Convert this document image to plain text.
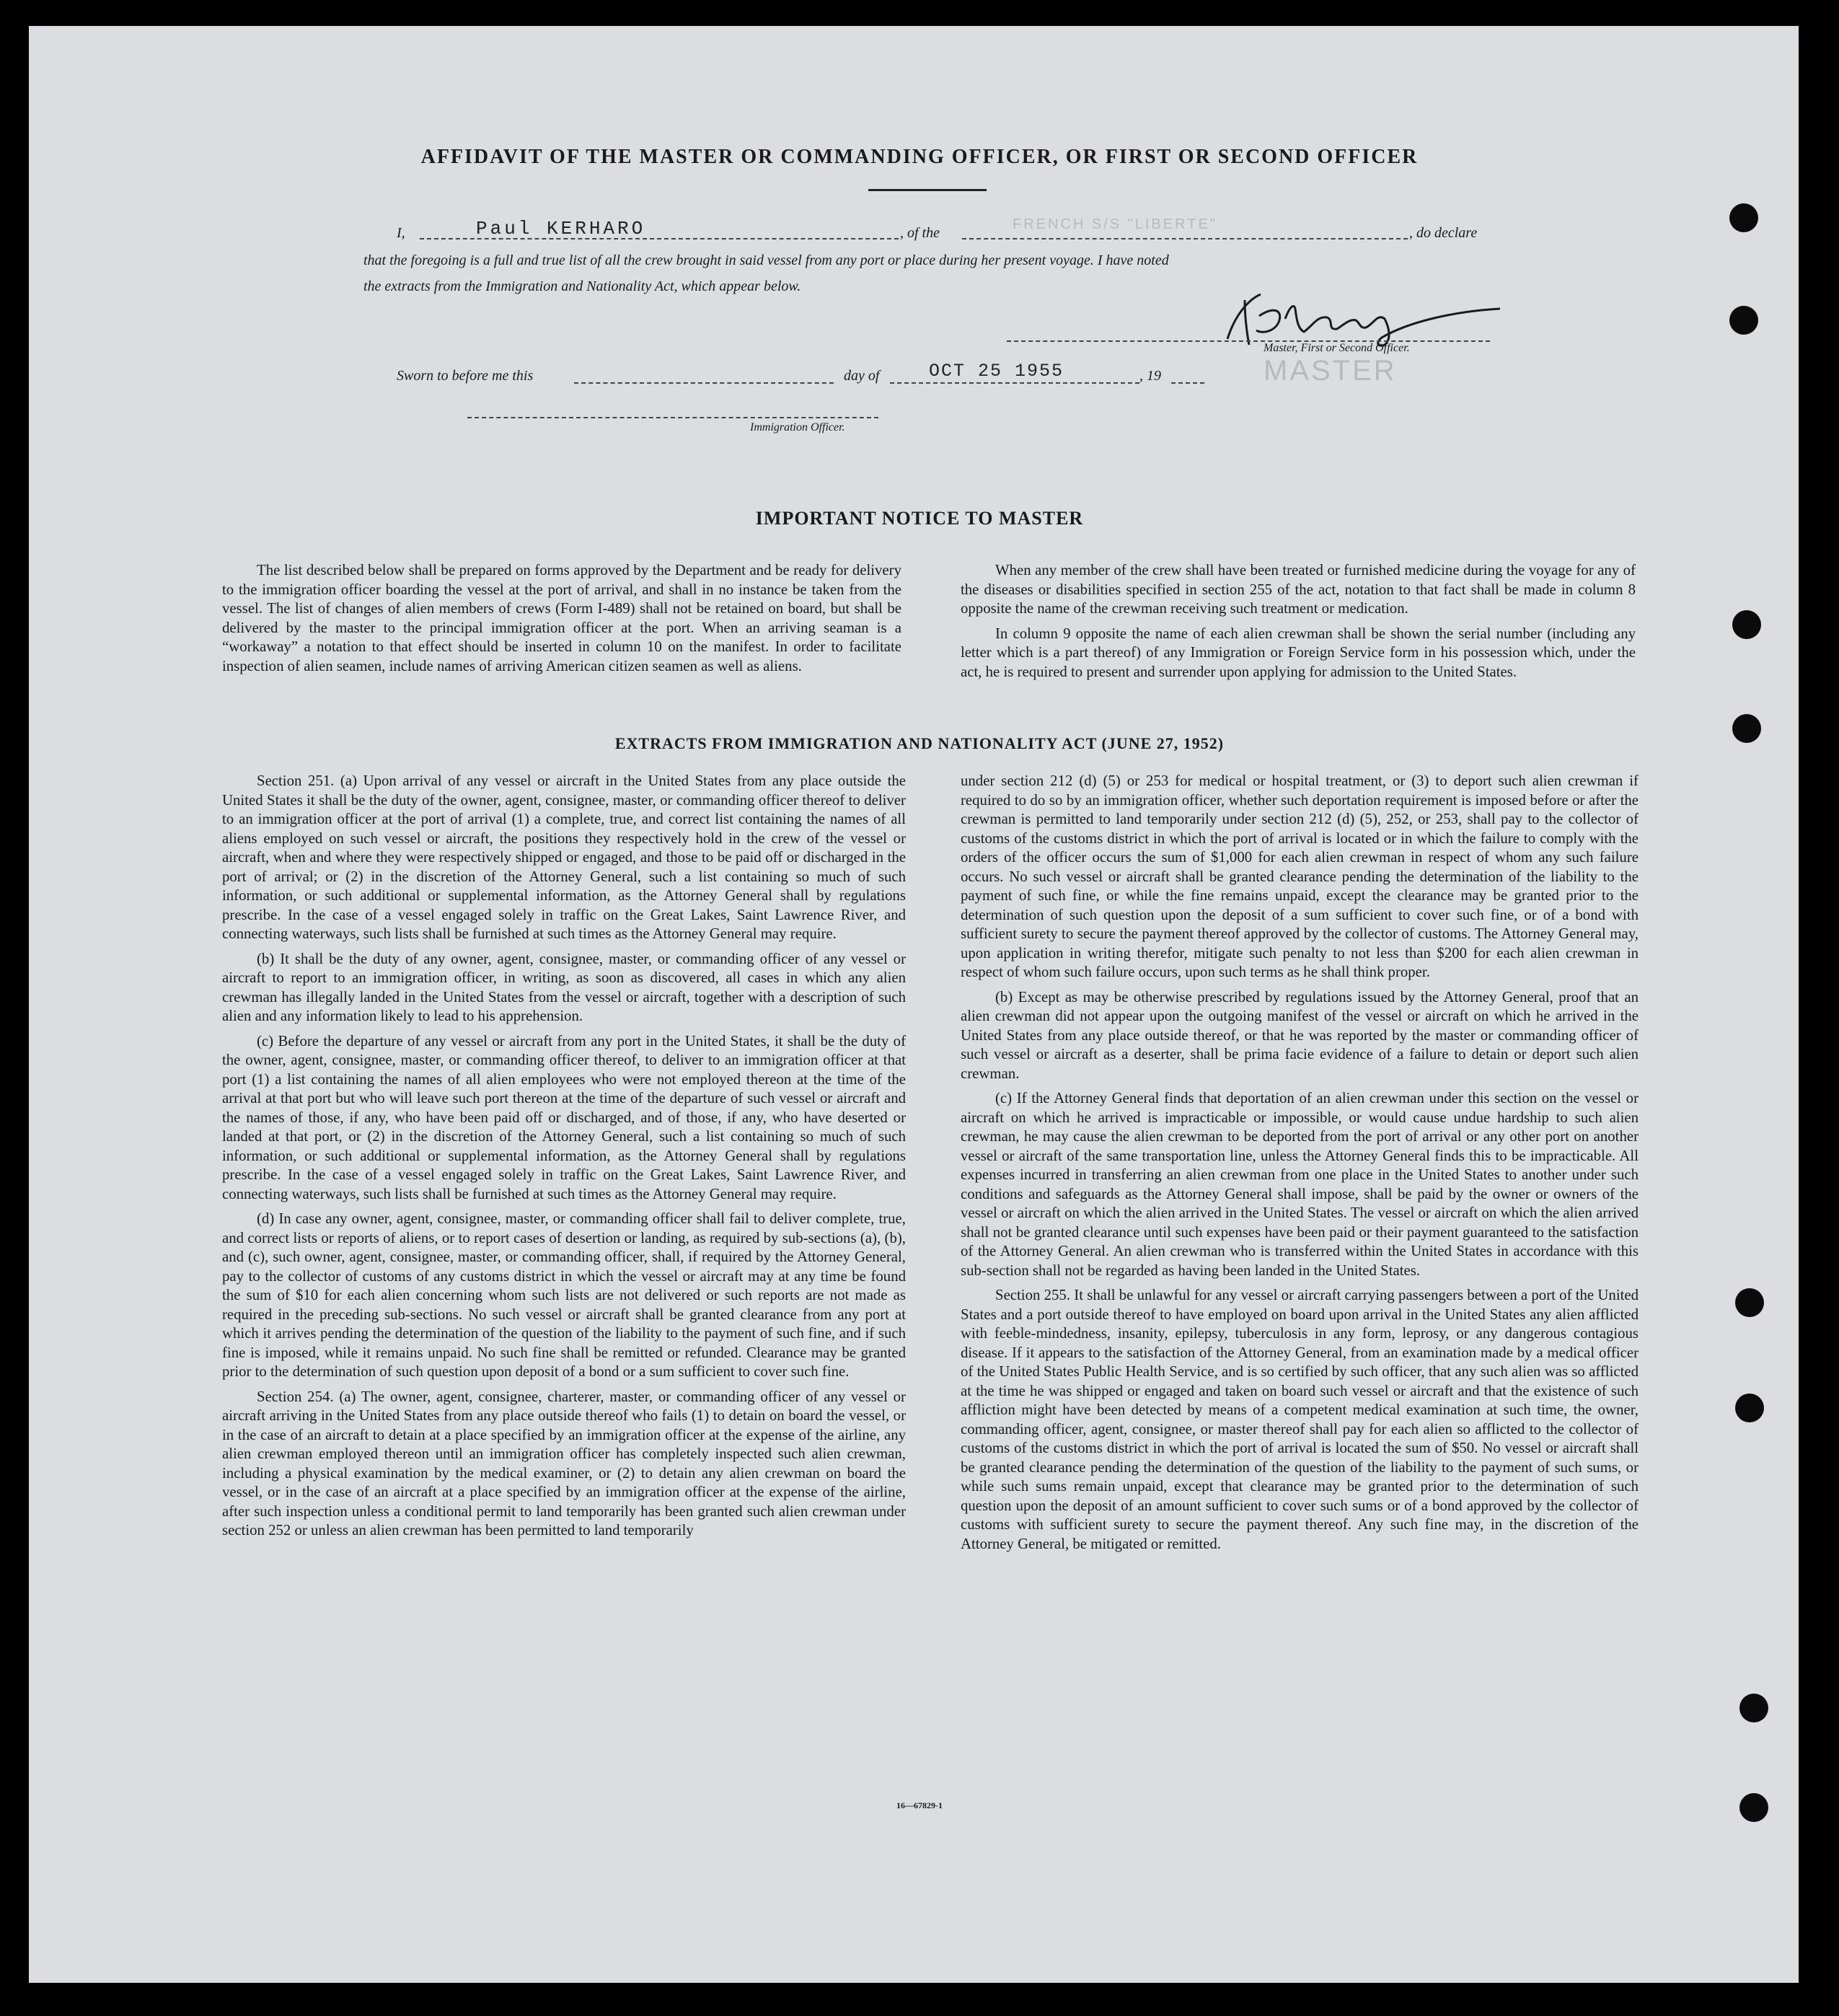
AFFIDAVIT OF THE MASTER OR COMMANDING OFFICER, OR FIRST OR SECOND OFFICER
I,	Paul KERHARO	, of the
FRENCH S/S "LIBERTE"
, do declare
that the foregoing is a full and true list of all the crew brought in said vessel from any port or place during her present voyage. I have noted
the extracts from the Immigration and Nationality Act, which appear below.
Master, First or Second Officer.
MASTER
Sworn to before me this	day of	OCT 25 1955	, 19
Immigration Officer.
IMPORTANT NOTICE TO MASTER

The list described below shall be prepared on forms approved by the Department and be ready for delivery to the immigration officer boarding the vessel at the port of arrival, and shall in no instance be taken from the vessel. The list of changes of alien members of crews (Form I-489) shall not be retained on board, but shall be delivered by the master to the principal immigration officer at the port. When an arriving seaman is a “workaway” a notation to that effect should be inserted in column 10 on the manifest. In order to facilitate inspection of alien seamen, include names of arriving American citizen seamen as well as aliens.

When any member of the crew shall have been treated or furnished medicine during the voyage for any of the diseases or disabilities specified in section 255 of the act, notation to that fact shall be made in column 8 opposite the name of the crewman receiving such treatment or medication.

In column 9 opposite the name of each alien crewman shall be shown the serial number (including any letter which is a part thereof) of any Immigration or Foreign Service form in his possession which, under the act, he is required to present and surrender upon applying for admission to the United States.

EXTRACTS FROM IMMIGRATION AND NATIONALITY ACT (JUNE 27, 1952)

Section 251. (a) Upon arrival of any vessel or aircraft in the United States from any place outside the United States it shall be the duty of the owner, agent, consignee, master, or commanding officer thereof to deliver to an immigration officer at the port of arrival (1) a complete, true, and correct list containing the names of all aliens employed on such vessel or aircraft, the positions they respectively hold in the crew of the vessel or aircraft, when and where they were respectively shipped or engaged, and those to be paid off or discharged in the port of arrival; or (2) in the discretion of the Attorney General, such a list containing so much of such information, or such additional or supplemental information, as the Attorney General shall by regulations prescribe. In the case of a vessel engaged solely in traffic on the Great Lakes, Saint Lawrence River, and connecting waterways, such lists shall be furnished at such times as the Attorney General may require.

(b) It shall be the duty of any owner, agent, consignee, master, or commanding officer of any vessel or aircraft to report to an immigration officer, in writing, as soon as discovered, all cases in which any alien crewman has illegally landed in the United States from the vessel or aircraft, together with a description of such alien and any information likely to lead to his apprehension.

(c) Before the departure of any vessel or aircraft from any port in the United States, it shall be the duty of the owner, agent, consignee, master, or commanding officer thereof, to deliver to an immigration officer at that port (1) a list containing the names of all alien employees who were not employed thereon at the time of the arrival at that port but who will leave such port thereon at the time of the departure of such vessel or aircraft and the names of those, if any, who have been paid off or discharged, and of those, if any, who have deserted or landed at that port, or (2) in the discretion of the Attorney General, such a list containing so much of such information, or such additional or supplemental information, as the Attorney General shall by regulations prescribe. In the case of a vessel engaged solely in traffic on the Great Lakes, Saint Lawrence River, and connecting waterways, such lists shall be furnished at such times as the Attorney General may require.

(d) In case any owner, agent, consignee, master, or commanding officer shall fail to deliver complete, true, and correct lists or reports of aliens, or to report cases of desertion or landing, as required by sub-sections (a), (b), and (c), such owner, agent, consignee, master, or commanding officer, shall, if required by the Attorney General, pay to the collector of customs of any customs district in which the vessel or aircraft may at any time be found the sum of $10 for each alien concerning whom such lists are not delivered or such reports are not made as required in the preceding sub-sections. No such vessel or aircraft shall be granted clearance from any port at which it arrives pending the determination of the question of the liability to the payment of such fine, and if such fine is imposed, while it remains unpaid. No such fine shall be remitted or refunded. Clearance may be granted prior to the determination of such question upon deposit of a bond or a sum sufficient to cover such fine.

Section 254. (a) The owner, agent, consignee, charterer, master, or commanding officer of any vessel or aircraft arriving in the United States from any place outside thereof who fails (1) to detain on board the vessel, or in the case of an aircraft to detain at a place specified by an immigration officer at the expense of the airline, any alien crewman employed thereon until an immigration officer has completely inspected such alien crewman, including a physical examination by the medical examiner, or (2) to detain any alien crewman on board the vessel, or in the case of an aircraft at a place specified by an immigration officer at the expense of the airline, after such inspection unless a conditional permit to land temporarily has been granted such alien crewman under section 252 or unless an alien crewman has been permitted to land temporarily

under section 212 (d) (5) or 253 for medical or hospital treatment, or (3) to deport such alien crewman if required to do so by an immigration officer, whether such deportation requirement is imposed before or after the crewman is permitted to land temporarily under section 212 (d) (5), 252, or 253, shall pay to the collector of customs of the customs district in which the port of arrival is located or in which the failure to comply with the orders of the officer occurs the sum of $1,000 for each alien crewman in respect of whom any such failure occurs. No such vessel or aircraft shall be granted clearance pending the determination of the liability to the payment of such fine, or while the fine remains unpaid, except the clearance may be granted prior to the determination of such question upon the deposit of a sum sufficient to cover such fine, or of a bond with sufficient surety to secure the payment thereof approved by the collector of customs. The Attorney General may, upon application in writing therefor, mitigate such penalty to not less than $200 for each alien crewman in respect of whom such failure occurs, upon such terms as he shall think proper.

(b) Except as may be otherwise prescribed by regulations issued by the Attorney General, proof that an alien crewman did not appear upon the outgoing manifest of the vessel or aircraft on which he arrived in the United States from any place outside thereof, or that he was reported by the master or commanding officer of such vessel or aircraft as a deserter, shall be prima facie evidence of a failure to detain or deport such alien crewman.

(c) If the Attorney General finds that deportation of an alien crewman under this section on the vessel or aircraft on which he arrived is impracticable or impossible, or would cause undue hardship to such alien crewman, he may cause the alien crewman to be deported from the port of arrival or any other port on another vessel or aircraft of the same transportation line, unless the Attorney General finds this to be impracticable. All expenses incurred in transferring an alien crewman from one place in the United States to another under such conditions and safeguards as the Attorney General shall impose, shall be paid by the owner or owners of the vessel or aircraft on which the alien arrived in the United States. The vessel or aircraft on which the alien arrived shall not be granted clearance until such expenses have been paid or their payment guaranteed to the satisfaction of the Attorney General. An alien crewman who is transferred within the United States in accordance with this sub-section shall not be regarded as having been landed in the United States.

Section 255. It shall be unlawful for any vessel or aircraft carrying passengers between a port of the United States and a port outside thereof to have employed on board upon arrival in the United States any alien afflicted with feeble-mindedness, insanity, epilepsy, tuberculosis in any form, leprosy, or any dangerous contagious disease. If it appears to the satisfaction of the Attorney General, from an examination made by a medical officer of the United States Public Health Service, and is so certified by such officer, that any such alien was so afflicted at the time he was shipped or engaged and taken on board such vessel or aircraft and that the existence of such affliction might have been detected by means of a competent medical examination at such time, the owner, commanding officer, agent, consignee, or master thereof shall pay for each alien so afflicted to the collector of customs of the customs district in which the port of arrival is located the sum of $50. No vessel or aircraft shall be granted clearance pending the determination of the question of the liability to the payment of such sums, or while such sums remain unpaid, except that clearance may be granted prior to the determination of such question upon the deposit of an amount sufficient to cover such sums or of a bond approved by the collector of customs with sufficient surety to secure the payment thereof. Any such fine may, in the discretion of the Attorney General, be mitigated or remitted.

16—67829-1
